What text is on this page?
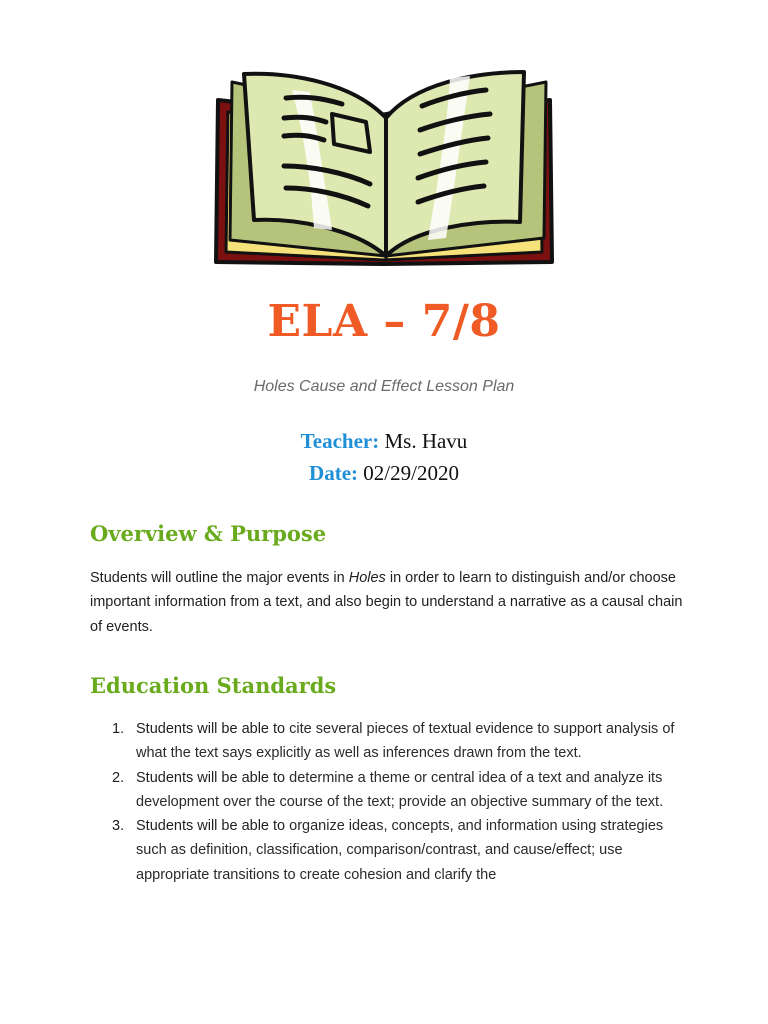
ELA – 7/8
Holes Cause and Effect Lesson Plan
Teacher: Ms. Havu
Date: 02/29/2020
Overview & Purpose
Students will outline the major events in Holes in order to learn to distinguish and/or choose important information from a text, and also begin to understand a narrative as a causal chain of events.
Education Standards
1. Students will be able to cite several pieces of textual evidence to support analysis of what the text says explicitly as well as inferences drawn from the text.
2. Students will be able to determine a theme or central idea of a text and analyze its development over the course of the text; provide an objective summary of the text.
3. Students will be able to organize ideas, concepts, and information using strategies such as definition, classification, comparison/contrast, and cause/effect; use appropriate transitions to create cohesion and clarify the
